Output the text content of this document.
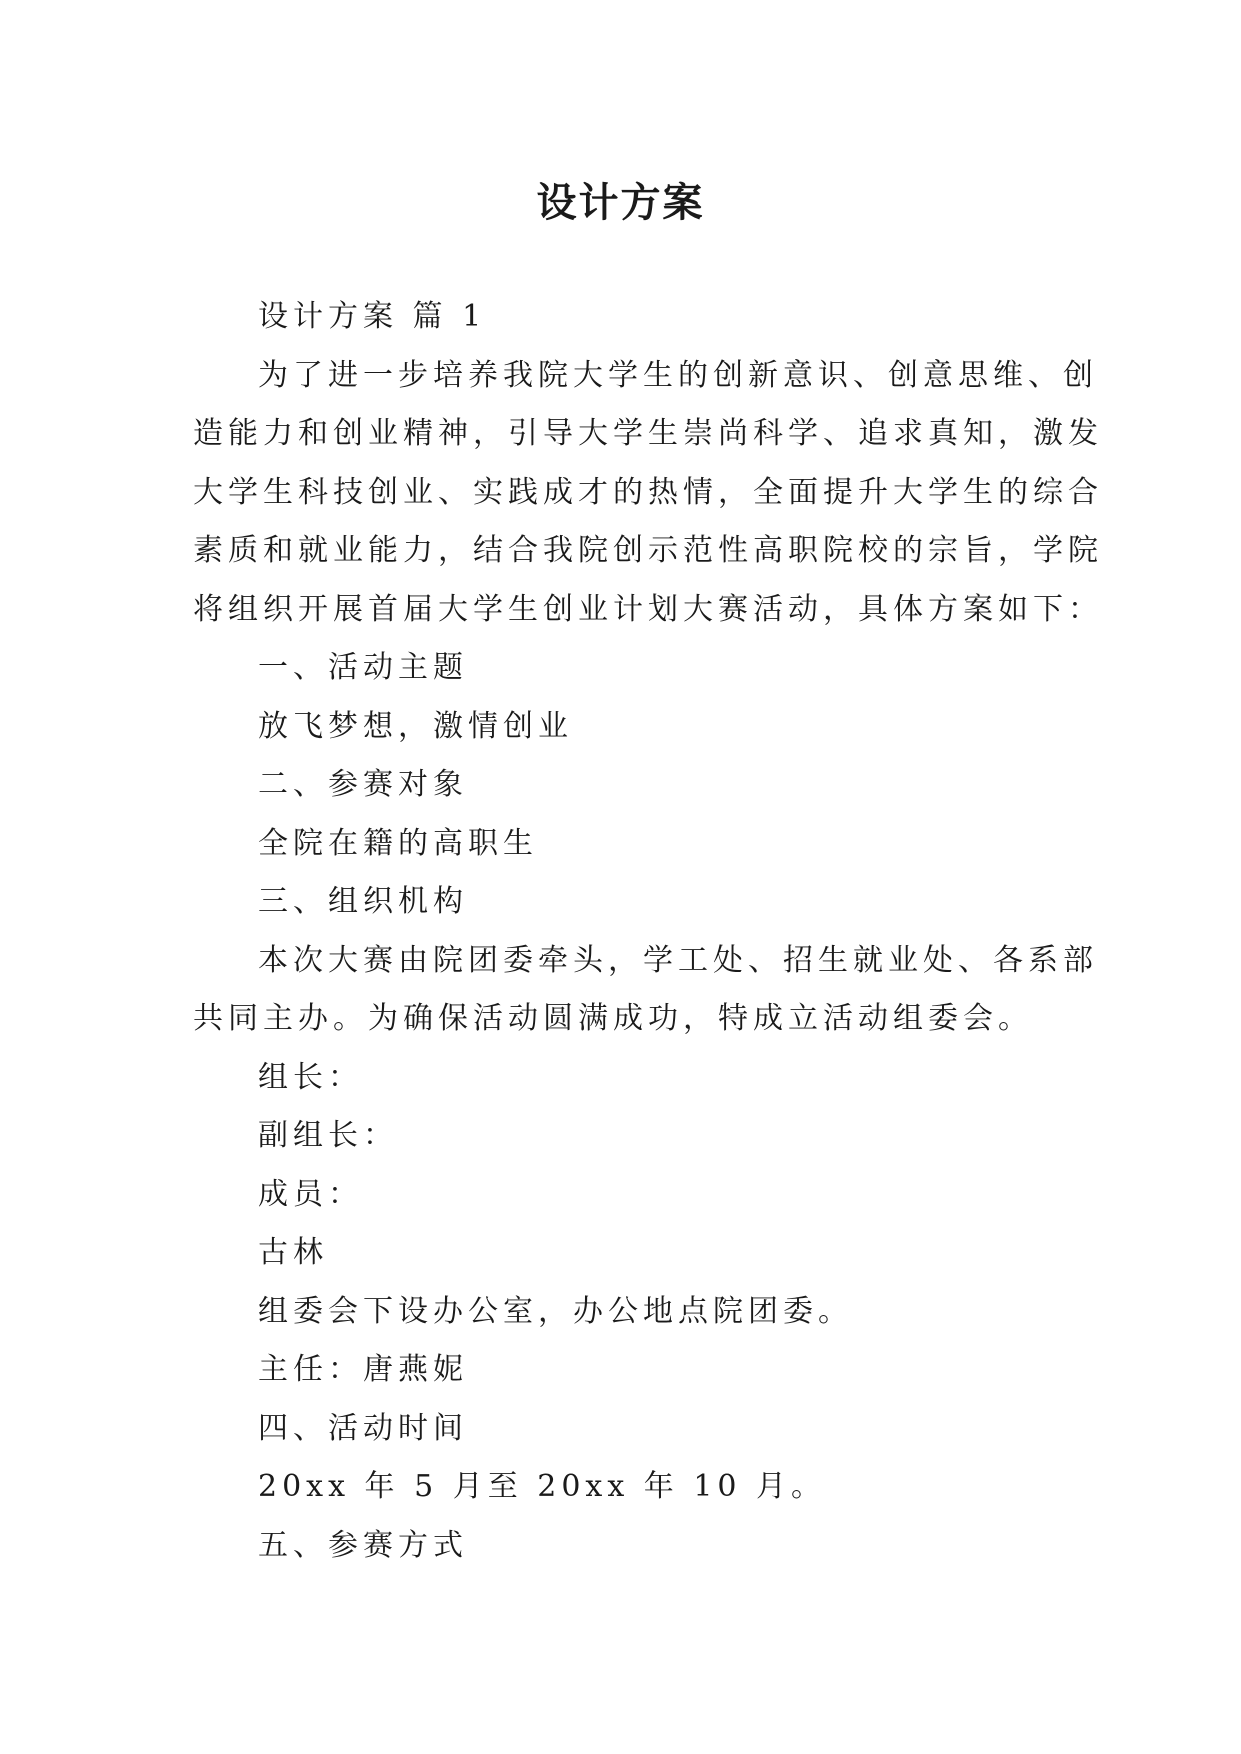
设计方案

设计方案 篇 1

为了进一步培养我院大学生的创新意识、创意思维、创

造能力和创业精神，引导大学生崇尚科学、追求真知，激发

大学生科技创业、实践成才的热情，全面提升大学生的综合

素质和就业能力，结合我院创示范性高职院校的宗旨，学院

将组织开展首届大学生创业计划大赛活动，具体方案如下：

一、活动主题

放飞梦想，激情创业

二、参赛对象

全院在籍的高职生

三、组织机构

本次大赛由院团委牵头，学工处、招生就业处、各系部

共同主办。为确保活动圆满成功，特成立活动组委会。

组长：

副组长：

成员：

古林

组委会下设办公室，办公地点院团委。

主任：唐燕妮

四、活动时间

20xx 年 5 月至 20xx 年 10 月。

五、参赛方式
